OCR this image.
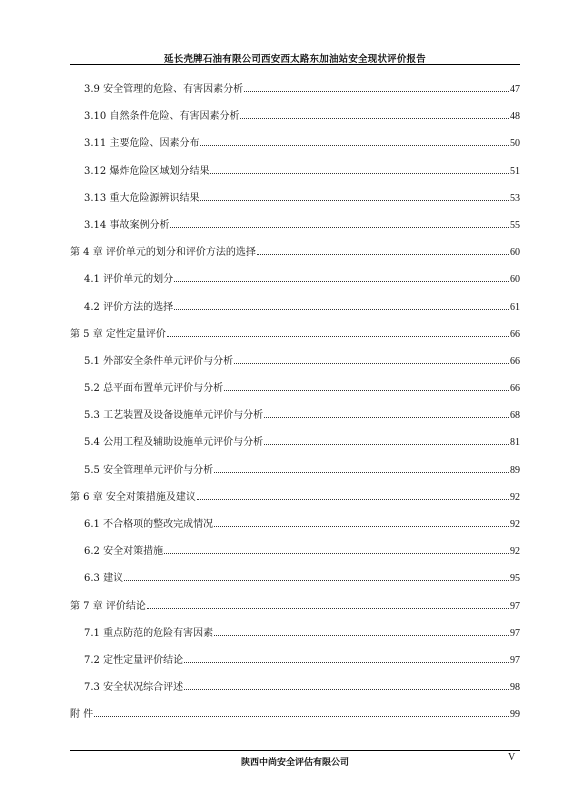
延长壳牌石油有限公司西安西太路东加油站安全现状评价报告
3.9 安全管理的危险、有害因素分析	47
3.10 自然条件危险、有害因素分析	48
3.11 主要危险、因素分布	50
3.12 爆炸危险区域划分结果	51
3.13 重大危险源辨识结果	53
3.14 事故案例分析	55
第 4 章 评价单元的划分和评价方法的选择	60
4.1 评价单元的划分	60
4.2 评价方法的选择	61
第 5 章 定性定量评价	66
5.1 外部安全条件单元评价与分析	66
5.2 总平面布置单元评价与分析	66
5.3 工艺装置及设备设施单元评价与分析	68
5.4 公用工程及辅助设施单元评价与分析	81
5.5 安全管理单元评价与分析	89
第 6 章 安全对策措施及建议	92
6.1 不合格项的整改完成情况	92
6.2 安全对策措施	92
6.3 建议	95
第 7 章 评价结论	97
7.1 重点防范的危险有害因素	97
7.2 定性定量评价结论	97
7.3 安全状况综合评述	98
附 件	99
陕西中尚安全评估有限公司	V
